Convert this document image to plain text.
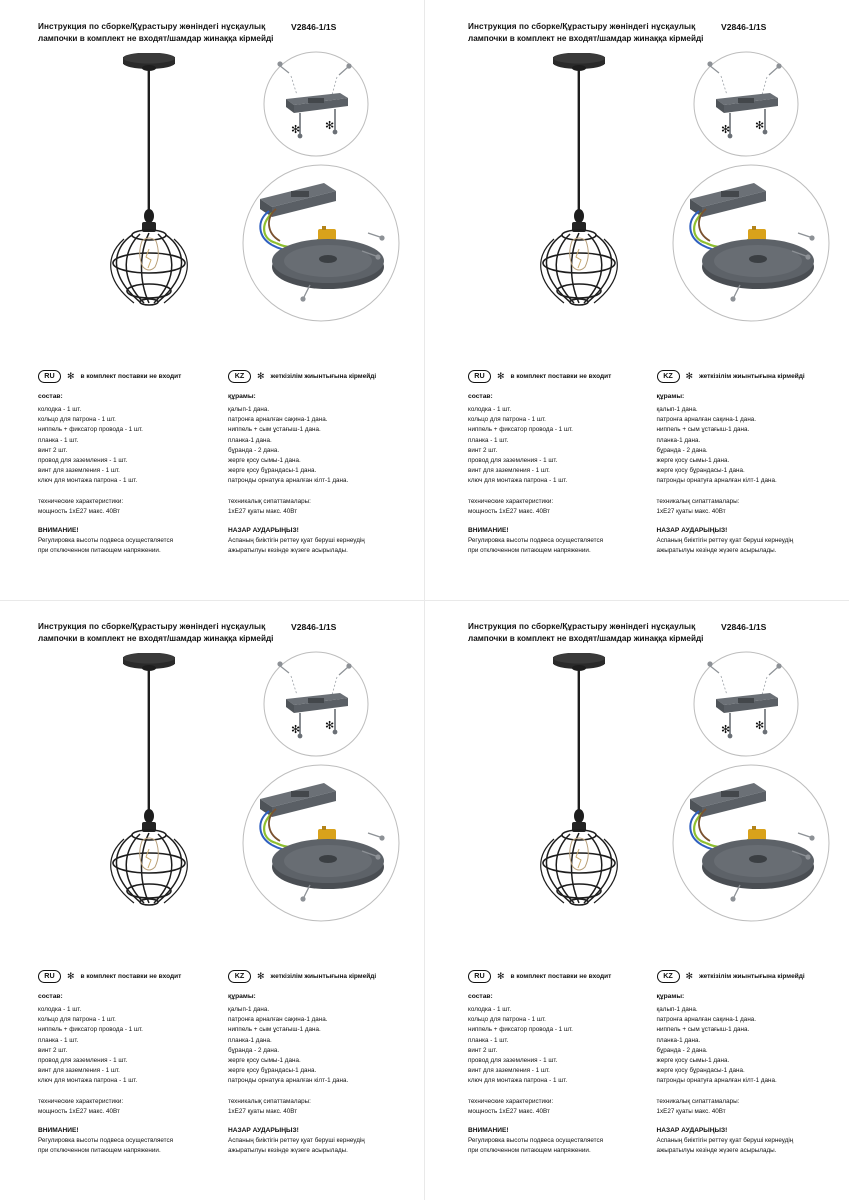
Инструкция по сборке/Құрастыру жөніндегі нұсқаулық	V2846-1/1S
лампочки в комплект не входят/шамдар жинаққа кірмейді
✻ ✻
RU	✻ в комплект поставки не входит
состав:
колодка - 1 шт.
кольцо для патрона - 1 шт.
ниппель + фиксатор провода - 1 шт.
планка - 1 шт.
винт 2 шт.
провод для заземления - 1 шт.
винт для заземления - 1 шт.
ключ для монтажа патрона - 1 шт.
технические характеристики:
мощность 1хЕ27 макс. 40Вт
ВНИМАНИЕ!
Регулировка высоты подвеса осуществляется
при отключенном питающем напряжении.
KZ	✻ жеткізілім жиынтығына кірмейді
құрамы:
қалып-1 дана.
патронға арналған сақина-1 дана.
ниппель + сым ұстағыш-1 дана.
планка-1 дана.
бұранда - 2 дана.
жерге қосу сымы-1 дана.
жерге қосу бұрандасы-1 дана.
патронды орнатуға арналған кілт-1 дана.
техникалық сипаттамалары:
1хЕ27 қуаты макс. 40Вт
НАЗАР АУДАРЫҢЫЗ!
Аспаның биіктігін реттеу қуат беруші кернеудің
ажыратылуы кезінде жүзеге асырылады.
Инструкция по сборке/Құрастыру жөніндегі нұсқаулық	V2846-1/1S
лампочки в комплект не входят/шамдар жинаққа кірмейді
✻ ✻
RU	✻ в комплект поставки не входит
состав:
колодка - 1 шт.
кольцо для патрона - 1 шт.
ниппель + фиксатор провода - 1 шт.
планка - 1 шт.
винт 2 шт.
провод для заземления - 1 шт.
винт для заземления - 1 шт.
ключ для монтажа патрона - 1 шт.
технические характеристики:
мощность 1хЕ27 макс. 40Вт
ВНИМАНИЕ!
Регулировка высоты подвеса осуществляется
при отключенном питающем напряжении.
KZ	✻ жеткізілім жиынтығына кірмейді
құрамы:
қалып-1 дана.
патронға арналған сақина-1 дана.
ниппель + сым ұстағыш-1 дана.
планка-1 дана.
бұранда - 2 дана.
жерге қосу сымы-1 дана.
жерге қосу бұрандасы-1 дана.
патронды орнатуға арналған кілт-1 дана.
техникалық сипаттамалары:
1хЕ27 қуаты макс. 40Вт
НАЗАР АУДАРЫҢЫЗ!
Аспаның биіктігін реттеу қуат беруші кернеудің
ажыратылуы кезінде жүзеге асырылады.
Инструкция по сборке/Құрастыру жөніндегі нұсқаулық	V2846-1/1S
лампочки в комплект не входят/шамдар жинаққа кірмейді
✻ ✻
RU	✻ в комплект поставки не входит
состав:
колодка - 1 шт.
кольцо для патрона - 1 шт.
ниппель + фиксатор провода - 1 шт.
планка - 1 шт.
винт 2 шт.
провод для заземления - 1 шт.
винт для заземления - 1 шт.
ключ для монтажа патрона - 1 шт.
технические характеристики:
мощность 1хЕ27 макс. 40Вт
ВНИМАНИЕ!
Регулировка высоты подвеса осуществляется
при отключенном питающем напряжении.
KZ	✻ жеткізілім жиынтығына кірмейді
құрамы:
қалып-1 дана.
патронға арналған сақина-1 дана.
ниппель + сым ұстағыш-1 дана.
планка-1 дана.
бұранда - 2 дана.
жерге қосу сымы-1 дана.
жерге қосу бұрандасы-1 дана.
патронды орнатуға арналған кілт-1 дана.
техникалық сипаттамалары:
1хЕ27 қуаты макс. 40Вт
НАЗАР АУДАРЫҢЫЗ!
Аспаның биіктігін реттеу қуат беруші кернеудің
ажыратылуы кезінде жүзеге асырылады.
Инструкция по сборке/Құрастыру жөніндегі нұсқаулық	V2846-1/1S
лампочки в комплект не входят/шамдар жинаққа кірмейді
✻ ✻
RU	✻ в комплект поставки не входит
состав:
колодка - 1 шт.
кольцо для патрона - 1 шт.
ниппель + фиксатор провода - 1 шт.
планка - 1 шт.
винт 2 шт.
провод для заземления - 1 шт.
винт для заземления - 1 шт.
ключ для монтажа патрона - 1 шт.
технические характеристики:
мощность 1хЕ27 макс. 40Вт
ВНИМАНИЕ!
Регулировка высоты подвеса осуществляется
при отключенном питающем напряжении.
KZ	✻ жеткізілім жиынтығына кірмейді
құрамы:
қалып-1 дана.
патронға арналған сақина-1 дана.
ниппель + сым ұстағыш-1 дана.
планка-1 дана.
бұранда - 2 дана.
жерге қосу сымы-1 дана.
жерге қосу бұрандасы-1 дана.
патронды орнатуға арналған кілт-1 дана.
техникалық сипаттамалары:
1хЕ27 қуаты макс. 40Вт
НАЗАР АУДАРЫҢЫЗ!
Аспаның биіктігін реттеу қуат беруші кернеудің
ажыратылуы кезінде жүзеге асырылады.
